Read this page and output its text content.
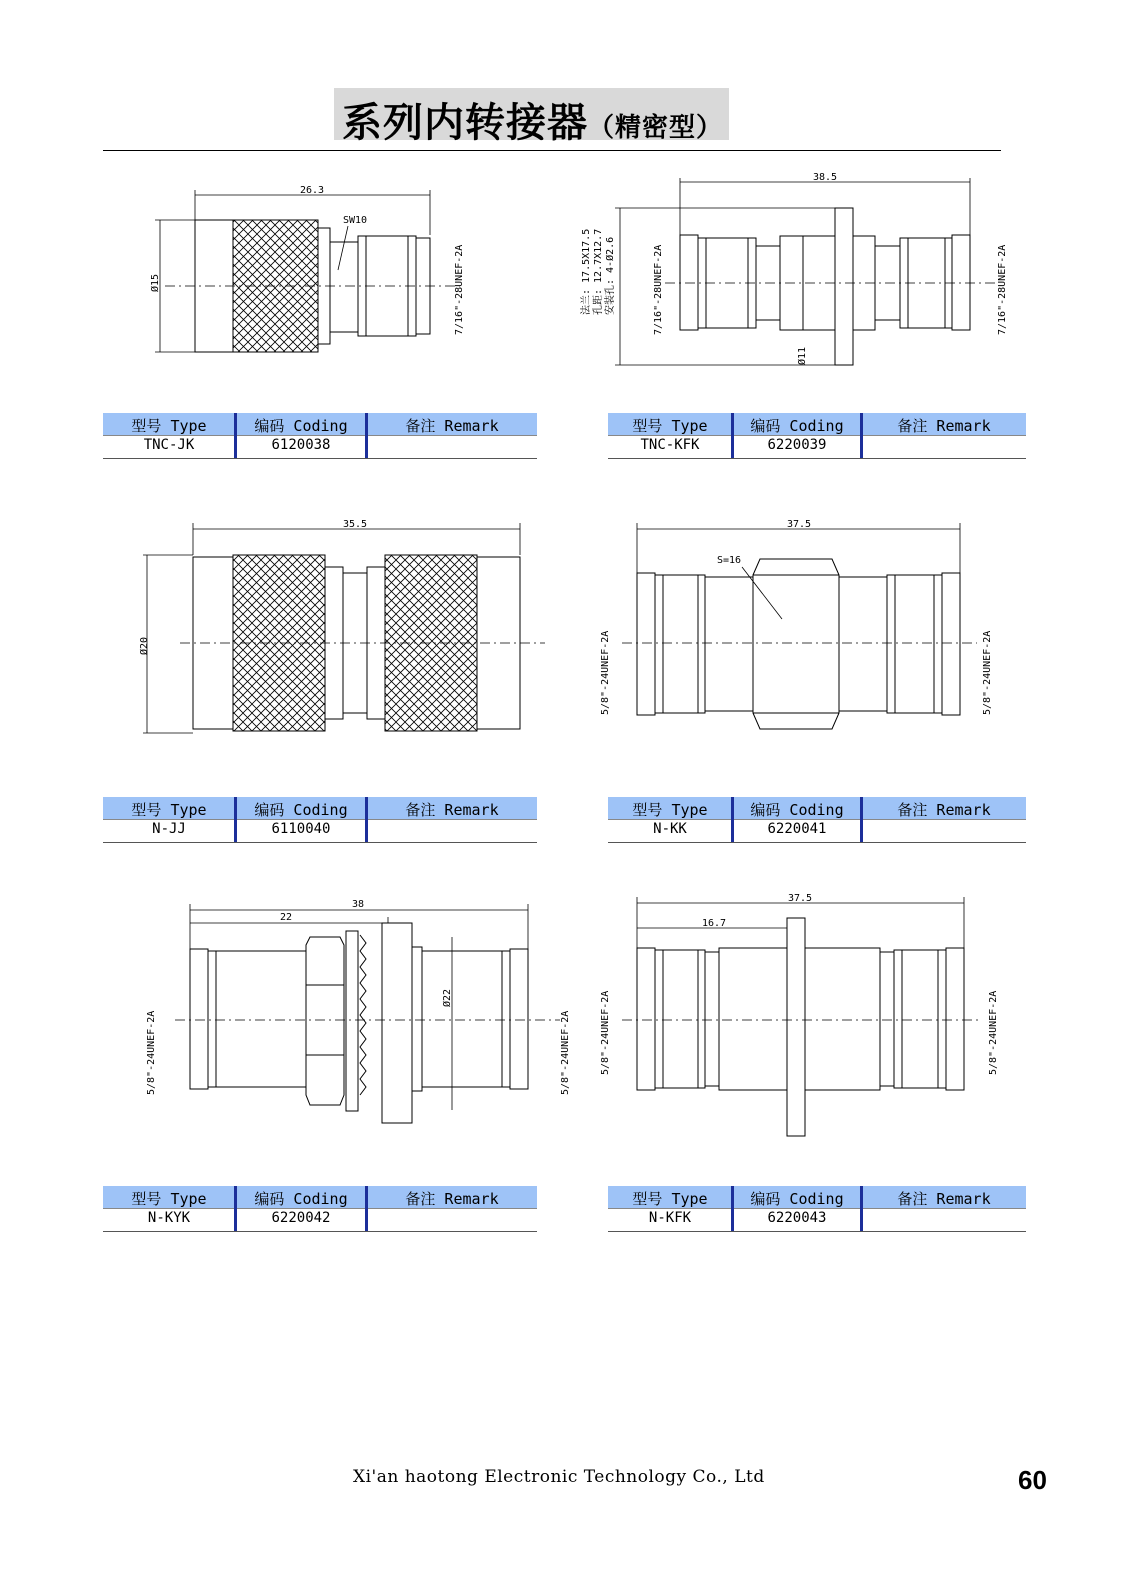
系列内转接器（精密型）
26.3
Ø15
SW10
7/16"-28UNEF-2A
38.5
法兰: 17.5X17.5 孔距: 12.7X12.7 安装孔: 4-Ø2.6	7/16"-28UNEF-2A
Ø11
7/16"-28UNEF-2A
35.5
Ø20
37.5
5/8"-24UNEF-2A
S=16
5/8"-24UNEF-2A
38
22
5/8"-24UNEF-2A
Ø22
5/8"-24UNEF-2A
37.5
16.7
5/8"-24UNEF-2A	5/8"-24UNEF-2A
型号 Type	编码 Coding	备注 Remark
TNC-JK	6120038
型号 Type	编码 Coding	备注 Remark
TNC-KFK	6220039
型号 Type	编码 Coding	备注 Remark
N-JJ	6110040
型号 Type	编码 Coding	备注 Remark
N-KK	6220041
型号 Type	编码 Coding	备注 Remark
N-KYK	6220042
型号 Type	编码 Coding	备注 Remark
N-KFK	6220043
Xi'an haotong Electronic Technology Co., Ltd	60
